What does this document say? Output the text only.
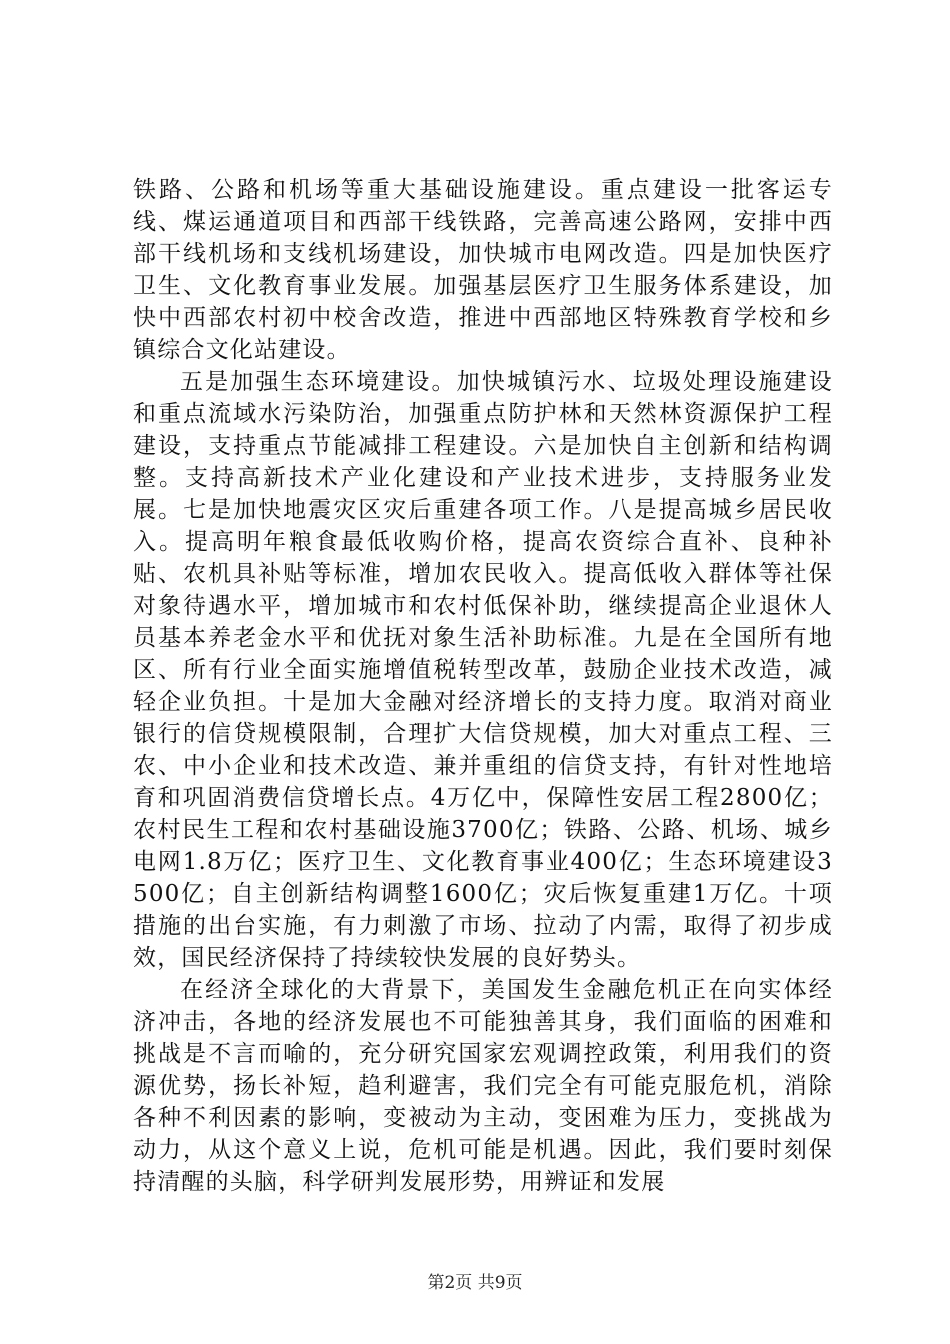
铁路、公路和机场等重大基础设施建设。重点建设一批客运专线、煤运通道项目和西部干线铁路，完善高速公路网，安排中西部干线机场和支线机场建设，加快城市电网改造。四是加快医疗卫生、文化教育事业发展。加强基层医疗卫生服务体系建设，加快中西部农村初中校舍改造，推进中西部地区特殊教育学校和乡镇综合文化站建设。

五是加强生态环境建设。加快城镇污水、垃圾处理设施建设和重点流域水污染防治，加强重点防护林和天然林资源保护工程建设，支持重点节能减排工程建设。六是加快自主创新和结构调整。支持高新技术产业化建设和产业技术进步，支持服务业发展。七是加快地震灾区灾后重建各项工作。八是提高城乡居民收入。提高明年粮食最低收购价格，提高农资综合直补、良种补贴、农机具补贴等标准，增加农民收入。提高低收入群体等社保对象待遇水平，增加城市和农村低保补助，继续提高企业退休人员基本养老金水平和优抚对象生活补助标准。九是在全国所有地区、所有行业全面实施增值税转型改革，鼓励企业技术改造，减轻企业负担。十是加大金融对经济增长的支持力度。取消对商业银行的信贷规模限制，合理扩大信贷规模，加大对重点工程、三农、中小企业和技术改造、兼并重组的信贷支持，有针对性地培育和巩固消费信贷增长点。4万亿中，保障性安居工程2800亿；农村民生工程和农村基础设施3700亿；铁路、公路、机场、城乡电网1.8万亿；医疗卫生、文化教育事业400亿；生态环境建设3500亿；自主创新结构调整1600亿；灾后恢复重建1万亿。十项措施的出台实施，有力刺激了市场、拉动了内需，取得了初步成效，国民经济保持了持续较快发展的良好势头。

在经济全球化的大背景下，美国发生金融危机正在向实体经济冲击，各地的经济发展也不可能独善其身，我们面临的困难和挑战是不言而喻的，充分研究国家宏观调控政策，利用我们的资源优势，扬长补短，趋利避害，我们完全有可能克服危机，消除各种不利因素的影响，变被动为主动，变困难为压力，变挑战为动力，从这个意义上说，危机可能是机遇。因此，我们要时刻保持清醒的头脑，科学研判发展形势，用辨证和发展

第2页 共9页
